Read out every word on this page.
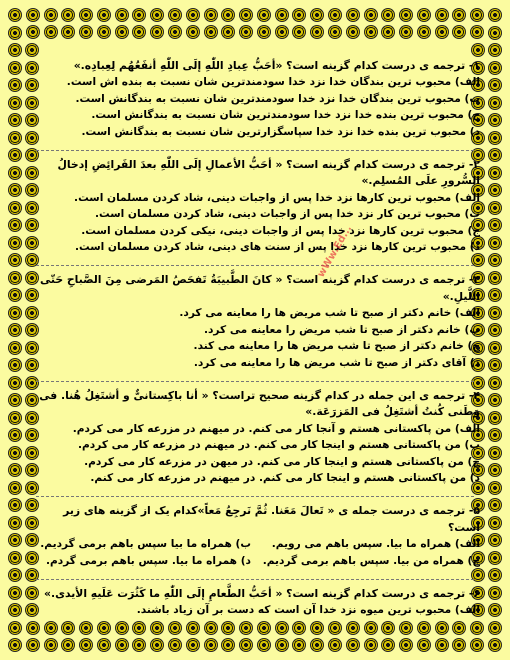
۱- ترجمه ی درست کدام گزینه است؟ «أحَبُّ عِبادِ اللّٰهِ إلَی اللّٰهِ أنفَعُهُم لِعِبادِه.»
الف) محبوب ترین بندگان خدا نزد خدا سودمندترین شان نسبت به بنده اش است.
ب) محبوب ترین بندگان خدا نزد خدا سودمندترین شان نسبت به بندگانش است.
ج) محبوب ترین بنده خدا نزد خدا سودمندترین شان نسبت به بندگانش است.
د) محبوب ترین بنده خدا نزد خدا سپاسگزارترین شان نسبت به بندگانش است.
۲- ترجمه ی درست کدام گزینه است؟ « أحَبُّ الأعمالِ إلَی اللّٰهِ بعدَ الفَرائِضِ إدخالُ السُّرورِ علَی المُسلِم.»
الف) محبوب ترین کارها نزد خدا پس از واجبات دینی، شاد کردن مسلمان است.
ب) محبوب ترین کار نزد خدا پس از واجبات دینی، شاد کردن مسلمان است.
ج) محبوب ترین کارها نزد خدا پس از واجبات دینی، نیکی کردن مسلمان است.
د) محبوب ترین کارها نزد خدا پس از سنت های دینی، شاد کردن مسلمان است.
۳- ترجمه ی درست کدام گزینه است؟ « کانَ الطَّبیبَةُ تَفحَصُ المَرضی مِنَ الصَّباحِ حَتّی اللَّیلِ.»
الف) خانم دکتر از صبح تا شب مریض ها را معاینه می کرد.
ب) خانم دکتر از صبح تا شب مریض را معاینه می کرد.
ج) خانم دکتر از صبح تا شب مریض ها را معاینه می کند.
د) آقای دکتر از صبح تا شب مریض ها را معاینه می کرد.
۴- ترجمه ی این جمله در کدام گزینه صحیح تراست؟ « أنا باکِستانیٌّ و أشتَغِلُ هُنا. فی وَطَنی کُنتُ أشتَغِلُ فی المَزرَعَة.»
الف) من پاکستانی هستم و آنجا کار می کنم. در میهنم در مزرعه کار می کردم.
ب) من پاکستانی هستم و اینجا کار می کنم. در میهنم در مزرعه کار می کردم.
ج) من پاکستانی هستم و اینجا کار می کنم. در میهن در مزرعه کار می کردم.
د) من پاکستانی هستم و اینجا کار می کنم. در میهنم در مزرعه کار می کنم.
۵- ترجمه ی درست جمله ی « تَعالَ مَعَنا. ثُمَّ نَرجِعُ مَعاً»کدام یک از گزینه های زیر است؟
الف) همراه ما بیا. سپس باهم می رویم.
ب) همراه ما بیا سپس باهم برمی گردیم.
ج) همراه من بیا. سپس باهم برمی گردیم.
د) همراه ما بیا. سپس باهم برمی گردم.
۶- ترجمه ی درست کدام گزینه است؟ « أحَبُّ الطَّعامِ إلَی اللّٰهِ ما کَثُرَت عَلَیهِ الأیدی.»
الف) محبوب ترین میوه نزد خدا آن است که دست بر آن زیاد باشند.
wWw.Ed...
